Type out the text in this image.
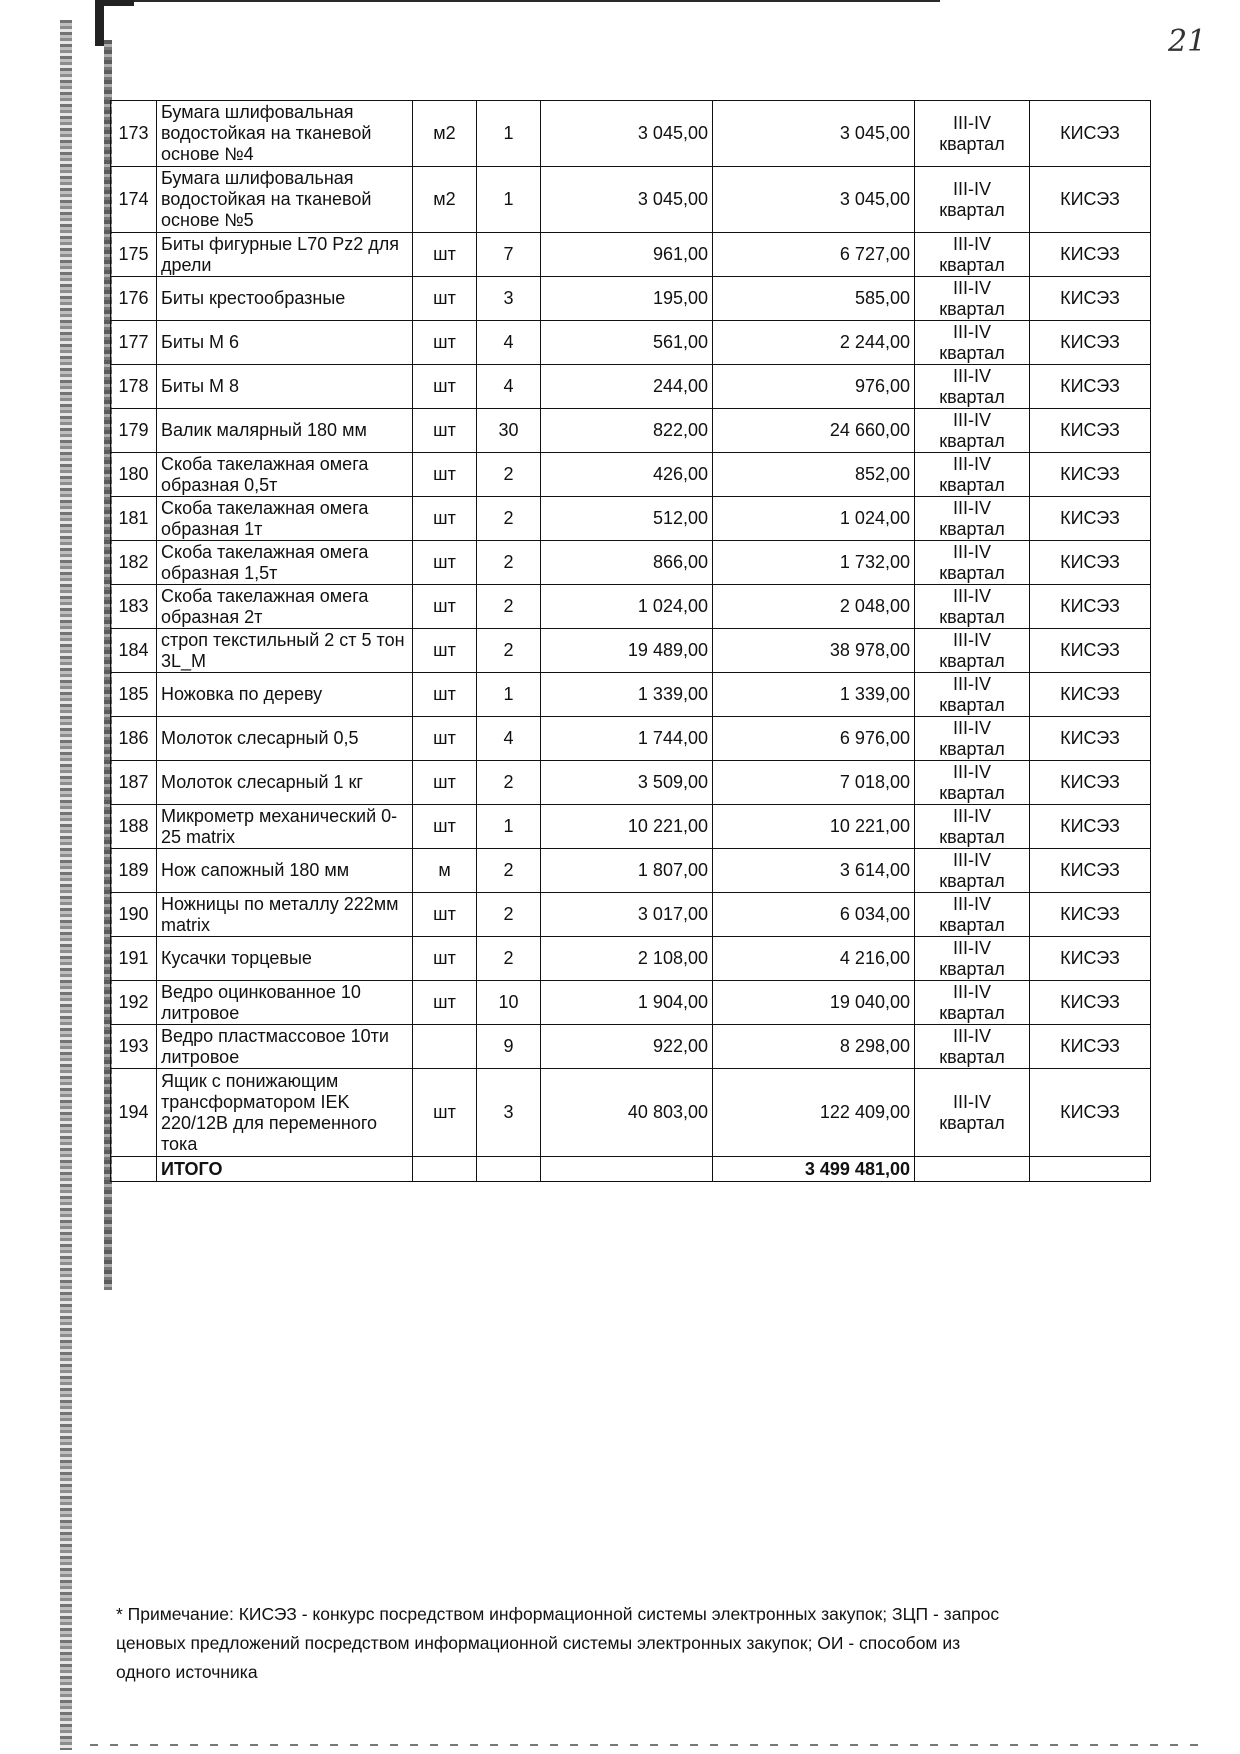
21
173	Бумага шлифовальная водостойкая на тканевой основе №4	м2	1	3 045,00	3 045,00	III-IV квартал	КИСЭЗ
174	Бумага шлифовальная водостойкая на тканевой основе №5	м2	1	3 045,00	3 045,00	III-IV квартал	КИСЭЗ
175	Биты фигурные L70 Pz2 для дрели	шт	7	961,00	6 727,00	III-IV квартал	КИСЭЗ
176	Биты крестообразные	шт	3	195,00	585,00	III-IV квартал	КИСЭЗ
177	Биты М 6	шт	4	561,00	2 244,00	III-IV квартал	КИСЭЗ
178	Биты М 8	шт	4	244,00	976,00	III-IV квартал	КИСЭЗ
179	Валик малярный 180 мм	шт	30	822,00	24 660,00	III-IV квартал	КИСЭЗ
180	Скоба такелажная омега образная 0,5т	шт	2	426,00	852,00	III-IV квартал	КИСЭЗ
181	Скоба такелажная омега образная 1т	шт	2	512,00	1 024,00	III-IV квартал	КИСЭЗ
182	Скоба такелажная омега образная 1,5т	шт	2	866,00	1 732,00	III-IV квартал	КИСЭЗ
183	Скоба такелажная омега образная 2т	шт	2	1 024,00	2 048,00	III-IV квартал	КИСЭЗ
184	строп текстильный 2 ст 5 тон 3L_M	шт	2	19 489,00	38 978,00	III-IV квартал	КИСЭЗ
185	Ножовка по дереву	шт	1	1 339,00	1 339,00	III-IV квартал	КИСЭЗ
186	Молоток слесарный 0,5	шт	4	1 744,00	6 976,00	III-IV квартал	КИСЭЗ
187	Молоток слесарный 1 кг	шт	2	3 509,00	7 018,00	III-IV квартал	КИСЭЗ
188	Микрометр механический 0-25 matrix	шт	1	10 221,00	10 221,00	III-IV квартал	КИСЭЗ
189	Нож сапожный 180 мм	м	2	1 807,00	3 614,00	III-IV квартал	КИСЭЗ
190	Ножницы по металлу 222мм matrix	шт	2	3 017,00	6 034,00	III-IV квартал	КИСЭЗ
191	Кусачки торцевые	шт	2	2 108,00	4 216,00	III-IV квартал	КИСЭЗ
192	Ведро оцинкованное 10 литровое	шт	10	1 904,00	19 040,00	III-IV квартал	КИСЭЗ
193	Ведро пластмассовое 10ти литровое		9	922,00	8 298,00	III-IV квартал	КИСЭЗ
194	Ящик с понижающим трансформатором IEK 220/12В для переменного тока	шт	3	40 803,00	122 409,00	III-IV квартал	КИСЭЗ
	ИТОГО				3 499 481,00		
* Примечание: КИСЭЗ - конкурс посредством информационной системы электронных закупок; ЗЦП - запрос
ценовых предложений посредством информационной системы электронных закупок; ОИ - способом из
одного источника
